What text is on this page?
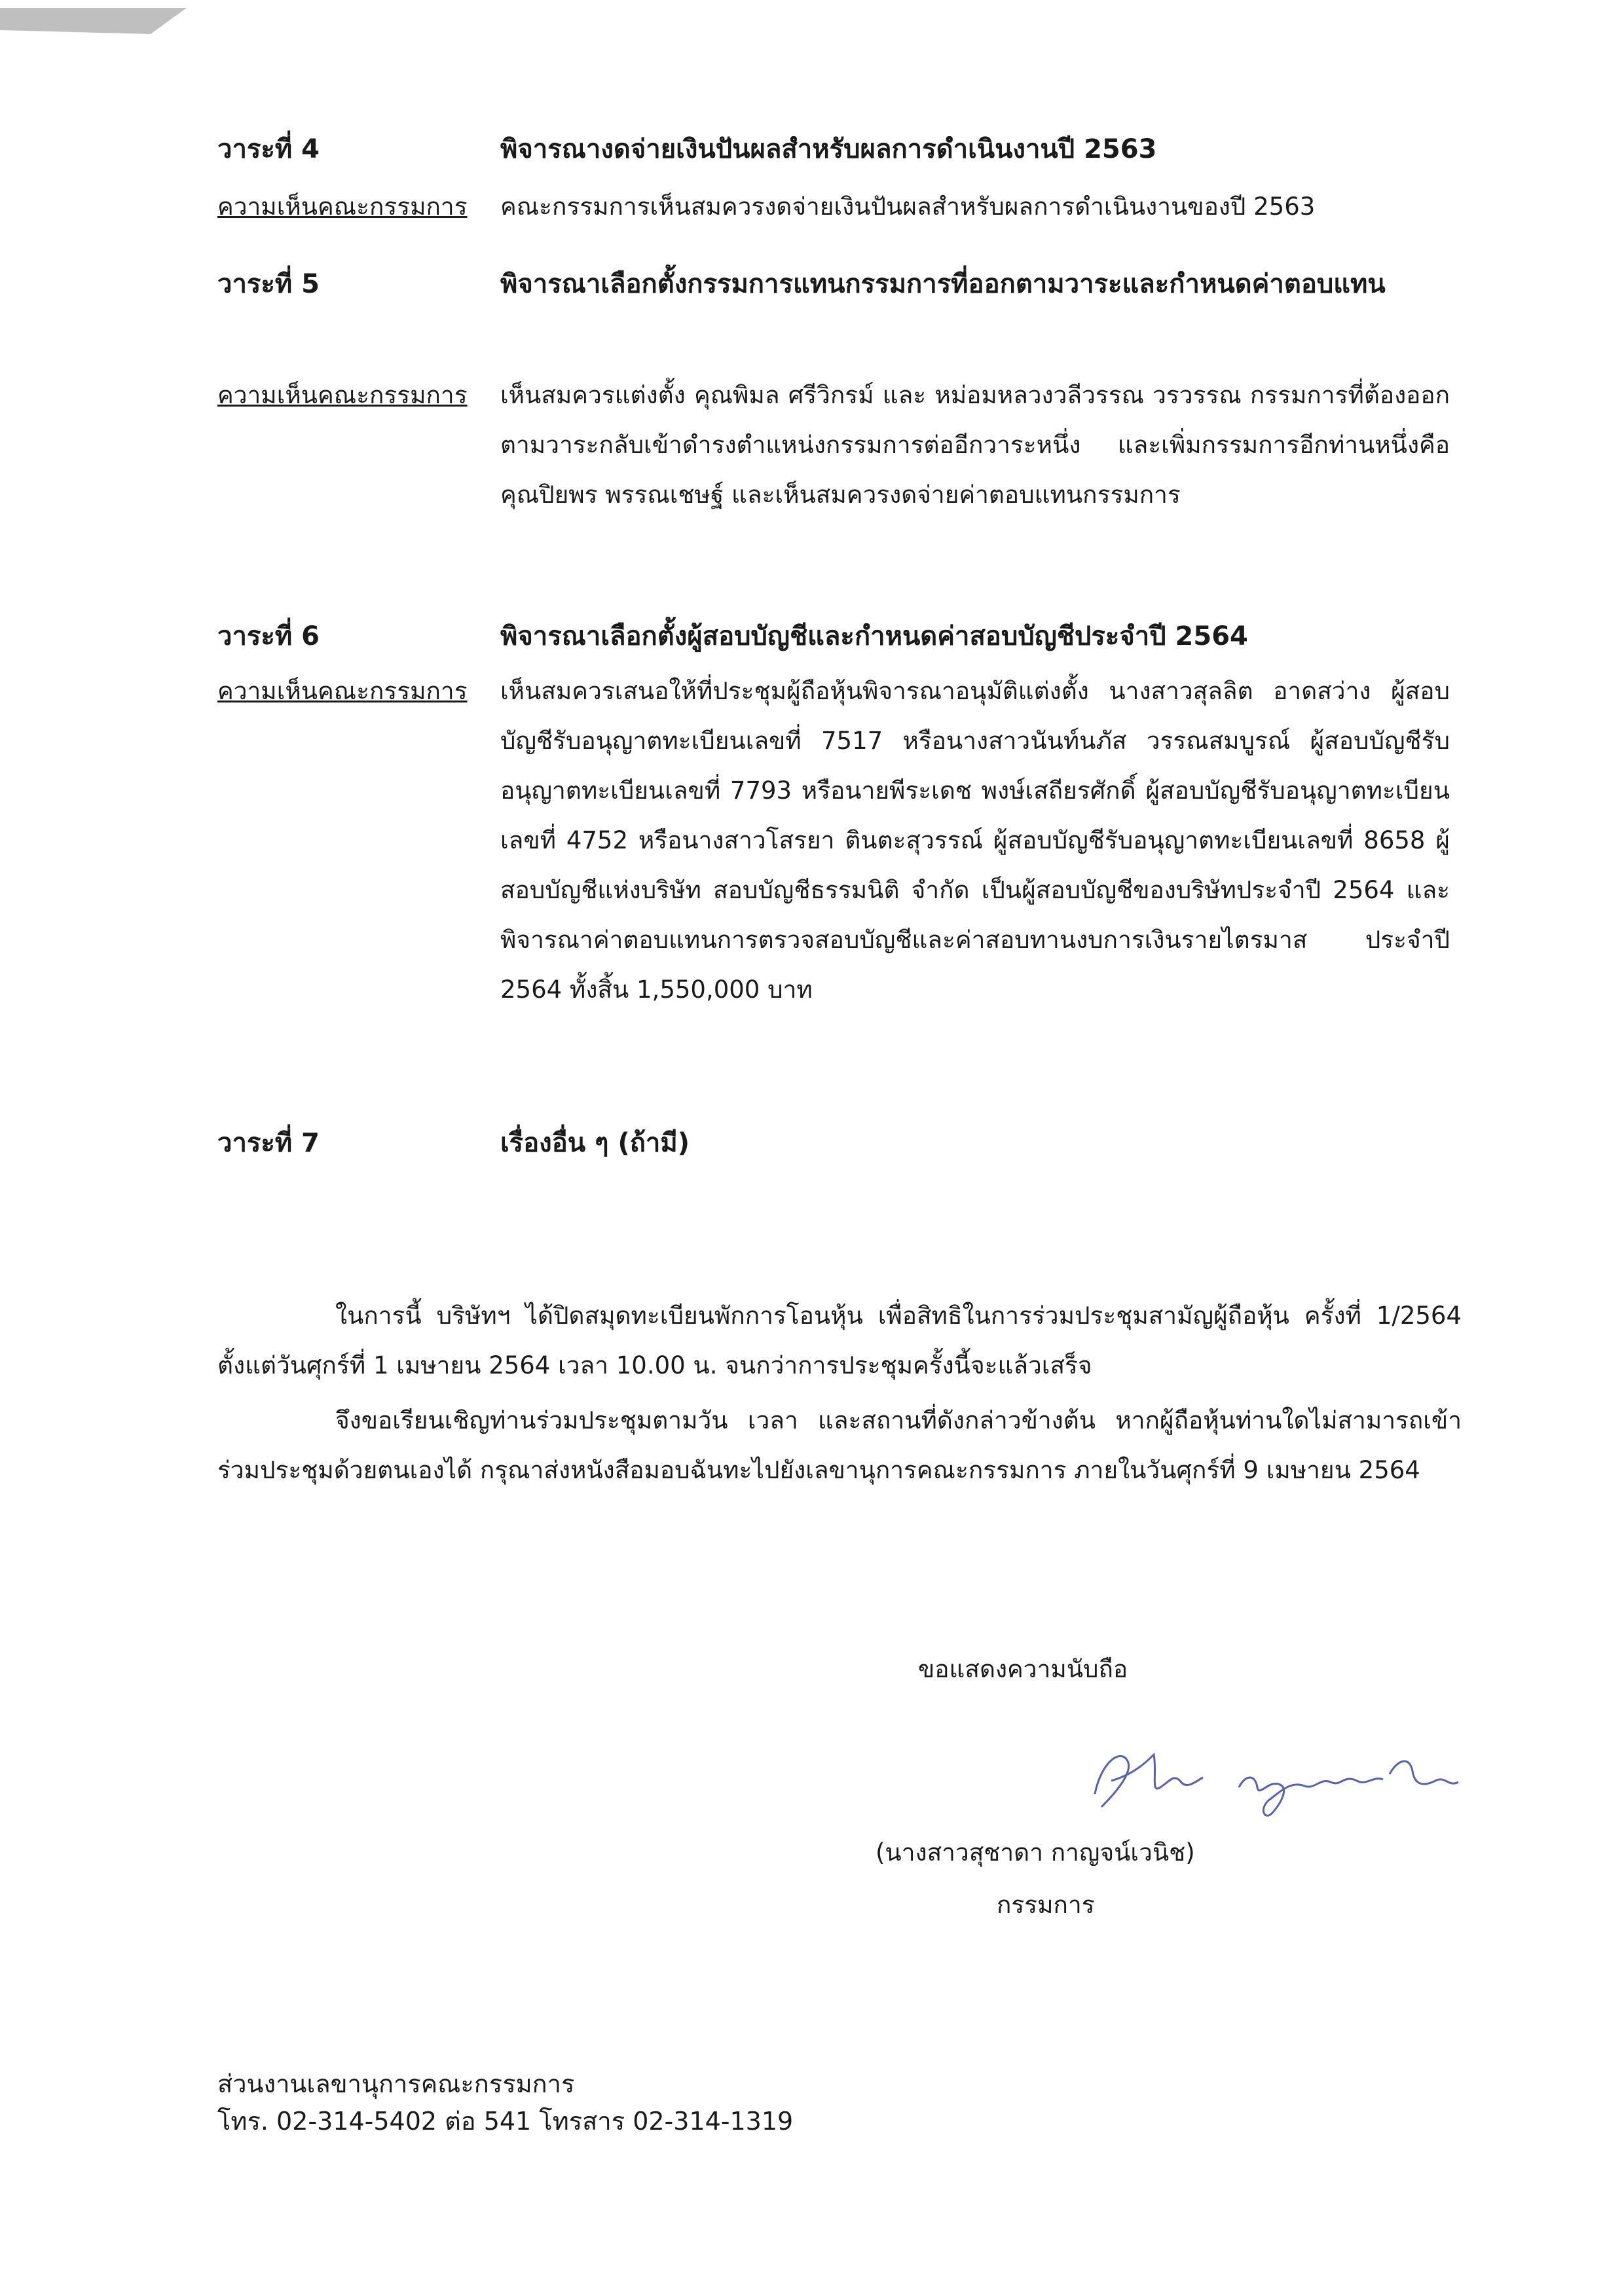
วาระที่ 4	พิจารณางดจ่ายเงินปันผลสำหรับผลการดำเนินงานปี 2563
ความเห็นคณะกรรมการ คณะกรรมการเห็นสมควรงดจ่ายเงินปันผลสำหรับผลการดำเนินงานของปี 2563
วาระที่ 5	พิจารณาเลือกตั้งกรรมการแทนกรรมการที่ออกตามวาระและกำหนดค่าตอบแทน
ความเห็นคณะกรรมการ เห็นสมควรแต่งตั้ง คุณพิมล ศรีวิกรม์ และ หม่อมหลวงวลีวรรณ วรวรรณ กรรมการที่ต้องออกตามวาระกลับเข้าดำรงตำแหน่งกรรมการต่ออีกวาระหนึ่ง และเพิ่มกรรมการอีกท่านหนึ่งคือ คุณปิยพร พรรณเชษฐ์ และเห็นสมควรงดจ่ายค่าตอบแทนกรรมการ
วาระที่ 6	พิจารณาเลือกตั้งผู้สอบบัญชีและกำหนดค่าสอบบัญชีประจำปี 2564
ความเห็นคณะกรรมการ เห็นสมควรเสนอให้ที่ประชุมผู้ถือหุ้นพิจารณาอนุมัติแต่งตั้ง นางสาวสุลลิต อาดสว่าง ผู้สอบบัญชีรับอนุญาตทะเบียนเลขที่ 7517 หรือนางสาวนันท์นภัส วรรณสมบูรณ์ ผู้สอบบัญชีรับอนุญาตทะเบียนเลขที่ 7793 หรือนายพีระเดช พงษ์เสถียรศักดิ์ ผู้สอบบัญชีรับอนุญาตทะเบียนเลขที่ 4752 หรือนางสาวโสรยา ตินตะสุวรรณ์ ผู้สอบบัญชีรับอนุญาตทะเบียนเลขที่ 8658 ผู้สอบบัญชีแห่งบริษัท สอบบัญชีธรรมนิติ จำกัด เป็นผู้สอบบัญชีของบริษัทประจำปี 2564 และพิจารณาค่าตอบแทนการตรวจสอบบัญชีและค่าสอบทานงบการเงินรายไตรมาส ประจำปี 2564 ทั้งสิ้น 1,550,000 บาท
วาระที่ 7	เรื่องอื่น ๆ (ถ้ามี)
ในการนี้ บริษัทฯ ได้ปิดสมุดทะเบียนพักการโอนหุ้น เพื่อสิทธิในการร่วมประชุมสามัญผู้ถือหุ้น ครั้งที่ 1/2564 ตั้งแต่วันศุกร์ที่ 1 เมษายน 2564 เวลา 10.00 น. จนกว่าการประชุมครั้งนี้จะแล้วเสร็จ
จึงขอเรียนเชิญท่านร่วมประชุมตามวัน เวลา และสถานที่ดังกล่าวข้างต้น หากผู้ถือหุ้นท่านใดไม่สามารถเข้าร่วมประชุมด้วยตนเองได้ กรุณาส่งหนังสือมอบฉันทะไปยังเลขานุการคณะกรรมการ ภายในวันศุกร์ที่ 9 เมษายน 2564
ขอแสดงความนับถือ
(นางสาวสุชาดา กาญจน์เวนิช)
กรรมการ
ส่วนงานเลขานุการคณะกรรมการ
โทร. 02-314-5402 ต่อ 541 โทรสาร 02-314-1319
